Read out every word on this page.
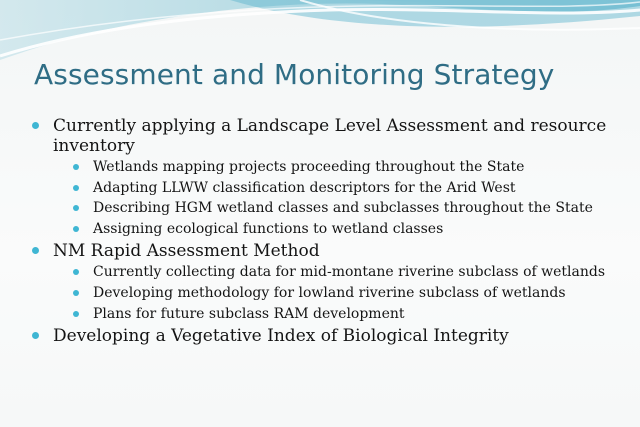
Assessment and Monitoring Strategy
Currently applying a Landscape Level Assessment and resource inventory
Wetlands mapping projects proceeding throughout the State
Adapting LLWW classification descriptors for the Arid West
Describing HGM wetland classes and subclasses throughout the State
Assigning ecological functions to wetland classes
NM Rapid Assessment Method
Currently collecting data for mid-montane riverine subclass of wetlands
Developing methodology for lowland riverine subclass of wetlands
Plans for future subclass RAM development
Developing a Vegetative Index of Biological Integrity
